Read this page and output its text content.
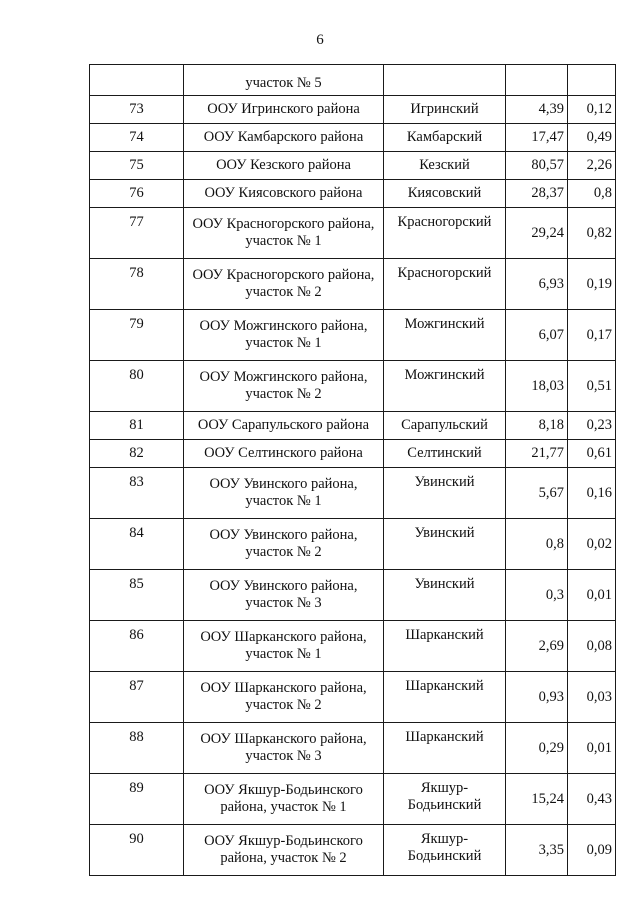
6
	участок № 5			
73	ООУ Игринского района	Игринский	4,39	0,12
74	ООУ Камбарского района	Камбарский	17,47	0,49
75	ООУ Кезского района	Кезский	80,57	2,26
76	ООУ Киясовского района	Киясовский	28,37	0,8
77	ООУ Красногорского района, участок № 1	Красногорский	29,24	0,82
78	ООУ Красногорского района, участок № 2	Красногорский	6,93	0,19
79	ООУ Можгинского района, участок № 1	Можгинский	6,07	0,17
80	ООУ Можгинского района, участок № 2	Можгинский	18,03	0,51
81	ООУ Сарапульского района	Сарапульский	8,18	0,23
82	ООУ Селтинского района	Селтинский	21,77	0,61
83	ООУ Увинского района, участок № 1	Увинский	5,67	0,16
84	ООУ Увинского района, участок № 2	Увинский	0,8	0,02
85	ООУ Увинского района, участок № 3	Увинский	0,3	0,01
86	ООУ Шарканского района, участок № 1	Шарканский	2,69	0,08
87	ООУ Шарканского района, участок № 2	Шарканский	0,93	0,03
88	ООУ Шарканского района, участок № 3	Шарканский	0,29	0,01
89	ООУ Якшур-Бодьинского района, участок № 1	Якшур-Бодьинский	15,24	0,43
90	ООУ Якшур-Бодьинского района, участок № 2	Якшур-Бодьинский	3,35	0,09
